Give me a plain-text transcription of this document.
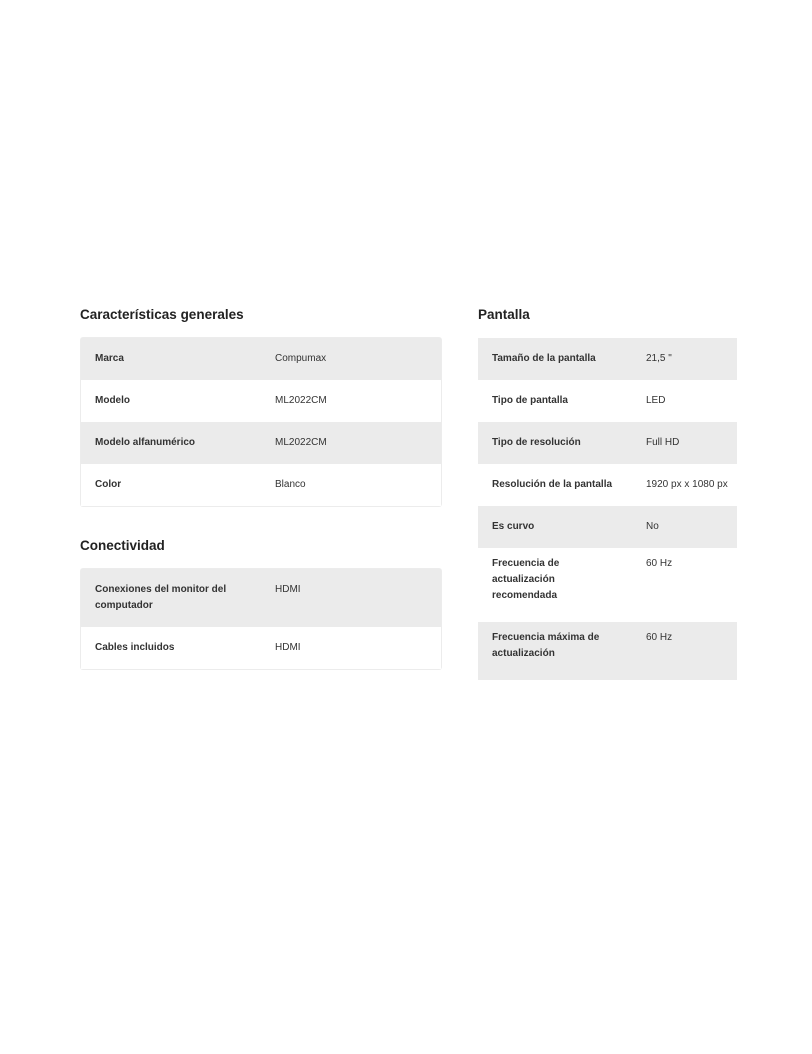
Características generales
Marca	Compumax
Modelo	ML2022CM
Modelo alfanumérico	ML2022CM
Color	Blanco
Conectividad
Conexiones del monitor del computador	HDMI
Cables incluidos	HDMI
Pantalla
Tamaño de la pantalla	21,5 "
Tipo de pantalla	LED
Tipo de resolución	Full HD
Resolución de la pantalla	1920 px x 1080 px
Es curvo	No
Frecuencia de actualización recomendada	60 Hz
Frecuencia máxima de actualización	60 Hz
